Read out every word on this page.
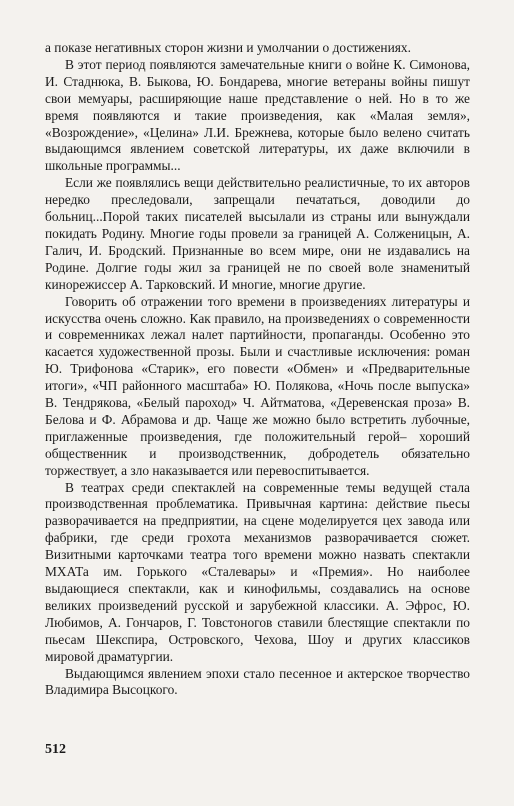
а показе негативных сторон жизни и умолчании о достижениях.

В этот период появляются замечательные книги о войне К. Симонова, И. Стаднюка, В. Быкова, Ю. Бондарева, многие ветераны войны пишут свои мемуары, расширяющие наше представление о ней. Но в то же время появляются и такие произведения, как «Малая земля», «Возрождение», «Целина» Л.И. Брежнева, которые было велено считать выдающимся явлением советской литературы, их даже включили в школьные программы...

Если же появлялись вещи действительно реалистичные, то их авторов нередко преследовали, запрещали печататься, доводили до больниц...Порой таких писателей высылали из страны или вынуждали покидать Родину. Многие годы провели за границей А. Солженицын, А. Галич, И. Бродский. Признанные во всем мире, они не издавались на Родине. Долгие годы жил за границей не по своей воле знаменитый кинорежиссер А. Тарковский. И многие, многие другие.

Говорить об отражении того времени в произведениях литературы и искусства очень сложно. Как правило, на произведениях о современности и современниках лежал налет партийности, пропаганды. Особенно это касается художественной прозы. Были и счастливые исключения: роман Ю. Трифонова «Старик», его повести «Обмен» и «Предварительные итоги», «ЧП районного масштаба» Ю. Полякова, «Ночь после выпуска» В. Тендрякова, «Белый пароход» Ч. Айтматова, «Деревенская проза» В. Белова и Ф. Абрамова и др. Чаще же можно было встретить лубочные, приглаженные произведения, где положительный герой– хороший общественник и производственник, добродетель обязательно торжествует, а зло наказывается или перевоспитывается.

В театрах среди спектаклей на современные темы ведущей стала производственная проблематика. Привычная картина: действие пьесы разворачивается на предприятии, на сцене моделируется цех завода или фабрики, где среди грохота механизмов разворачивается сюжет. Визитными карточками театра того времени можно назвать спектакли МХАТа им. Горького «Сталевары» и «Премия». Но наиболее выдающиеся спектакли, как и кинофильмы, создавались на основе великих произведений русской и зарубежной классики. А. Эфрос, Ю. Любимов, А. Гончаров, Г. Товстоногов ставили блестящие спектакли по пьесам Шекспира, Островского, Чехова, Шоу и других классиков мировой драматургии.

Выдающимся явлением эпохи стало песенное и актерское творчество Владимира Высоцкого.

512
